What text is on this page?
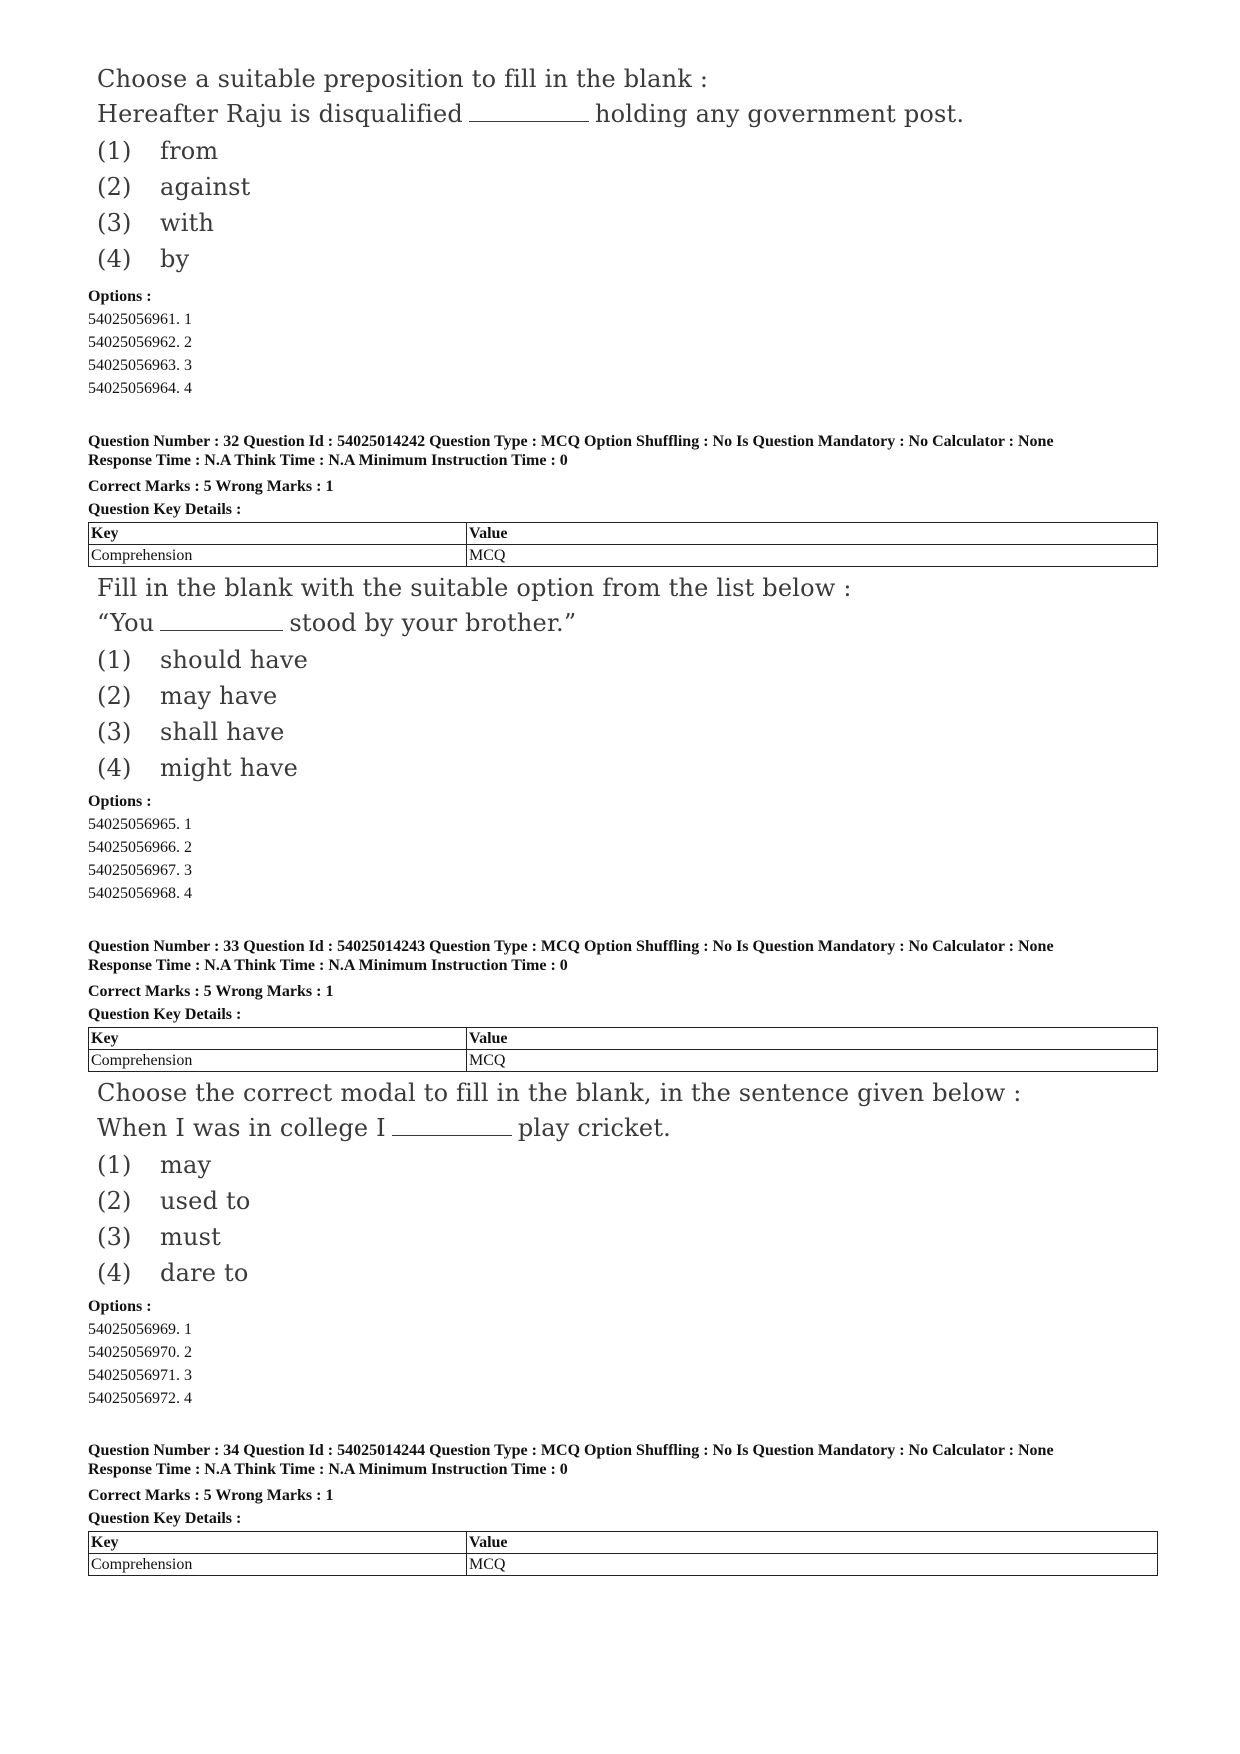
Choose a suitable preposition to fill in the blank :
Hereafter Raju is disqualified	holding any government post.
(1) from
(2) against
(3) with
(4) by
Options :
54025056961. 1
54025056962. 2
54025056963. 3
54025056964. 4
Question Number : 32 Question Id : 54025014242 Question Type : MCQ Option Shuffling : No Is Question Mandatory : No Calculator : None
Response Time : N.A Think Time : N.A Minimum Instruction Time : 0
Correct Marks : 5 Wrong Marks : 1
Question Key Details :
Key	Value
Comprehension	MCQ
Fill in the blank with the suitable option from the list below :
“You	stood by your brother.”
(1) should have
(2) may have
(3) shall have
(4) might have
Options :
54025056965. 1
54025056966. 2
54025056967. 3
54025056968. 4
Question Number : 33 Question Id : 54025014243 Question Type : MCQ Option Shuffling : No Is Question Mandatory : No Calculator : None
Response Time : N.A Think Time : N.A Minimum Instruction Time : 0
Correct Marks : 5 Wrong Marks : 1
Question Key Details :
Key	Value
Comprehension	MCQ
Choose the correct modal to fill in the blank, in the sentence given below :
When I was in college I	play cricket.
(1) may
(2) used to
(3) must
(4) dare to
Options :
54025056969. 1
54025056970. 2
54025056971. 3
54025056972. 4
Question Number : 34 Question Id : 54025014244 Question Type : MCQ Option Shuffling : No Is Question Mandatory : No Calculator : None
Response Time : N.A Think Time : N.A Minimum Instruction Time : 0
Correct Marks : 5 Wrong Marks : 1
Question Key Details :
Key	Value
Comprehension	MCQ
